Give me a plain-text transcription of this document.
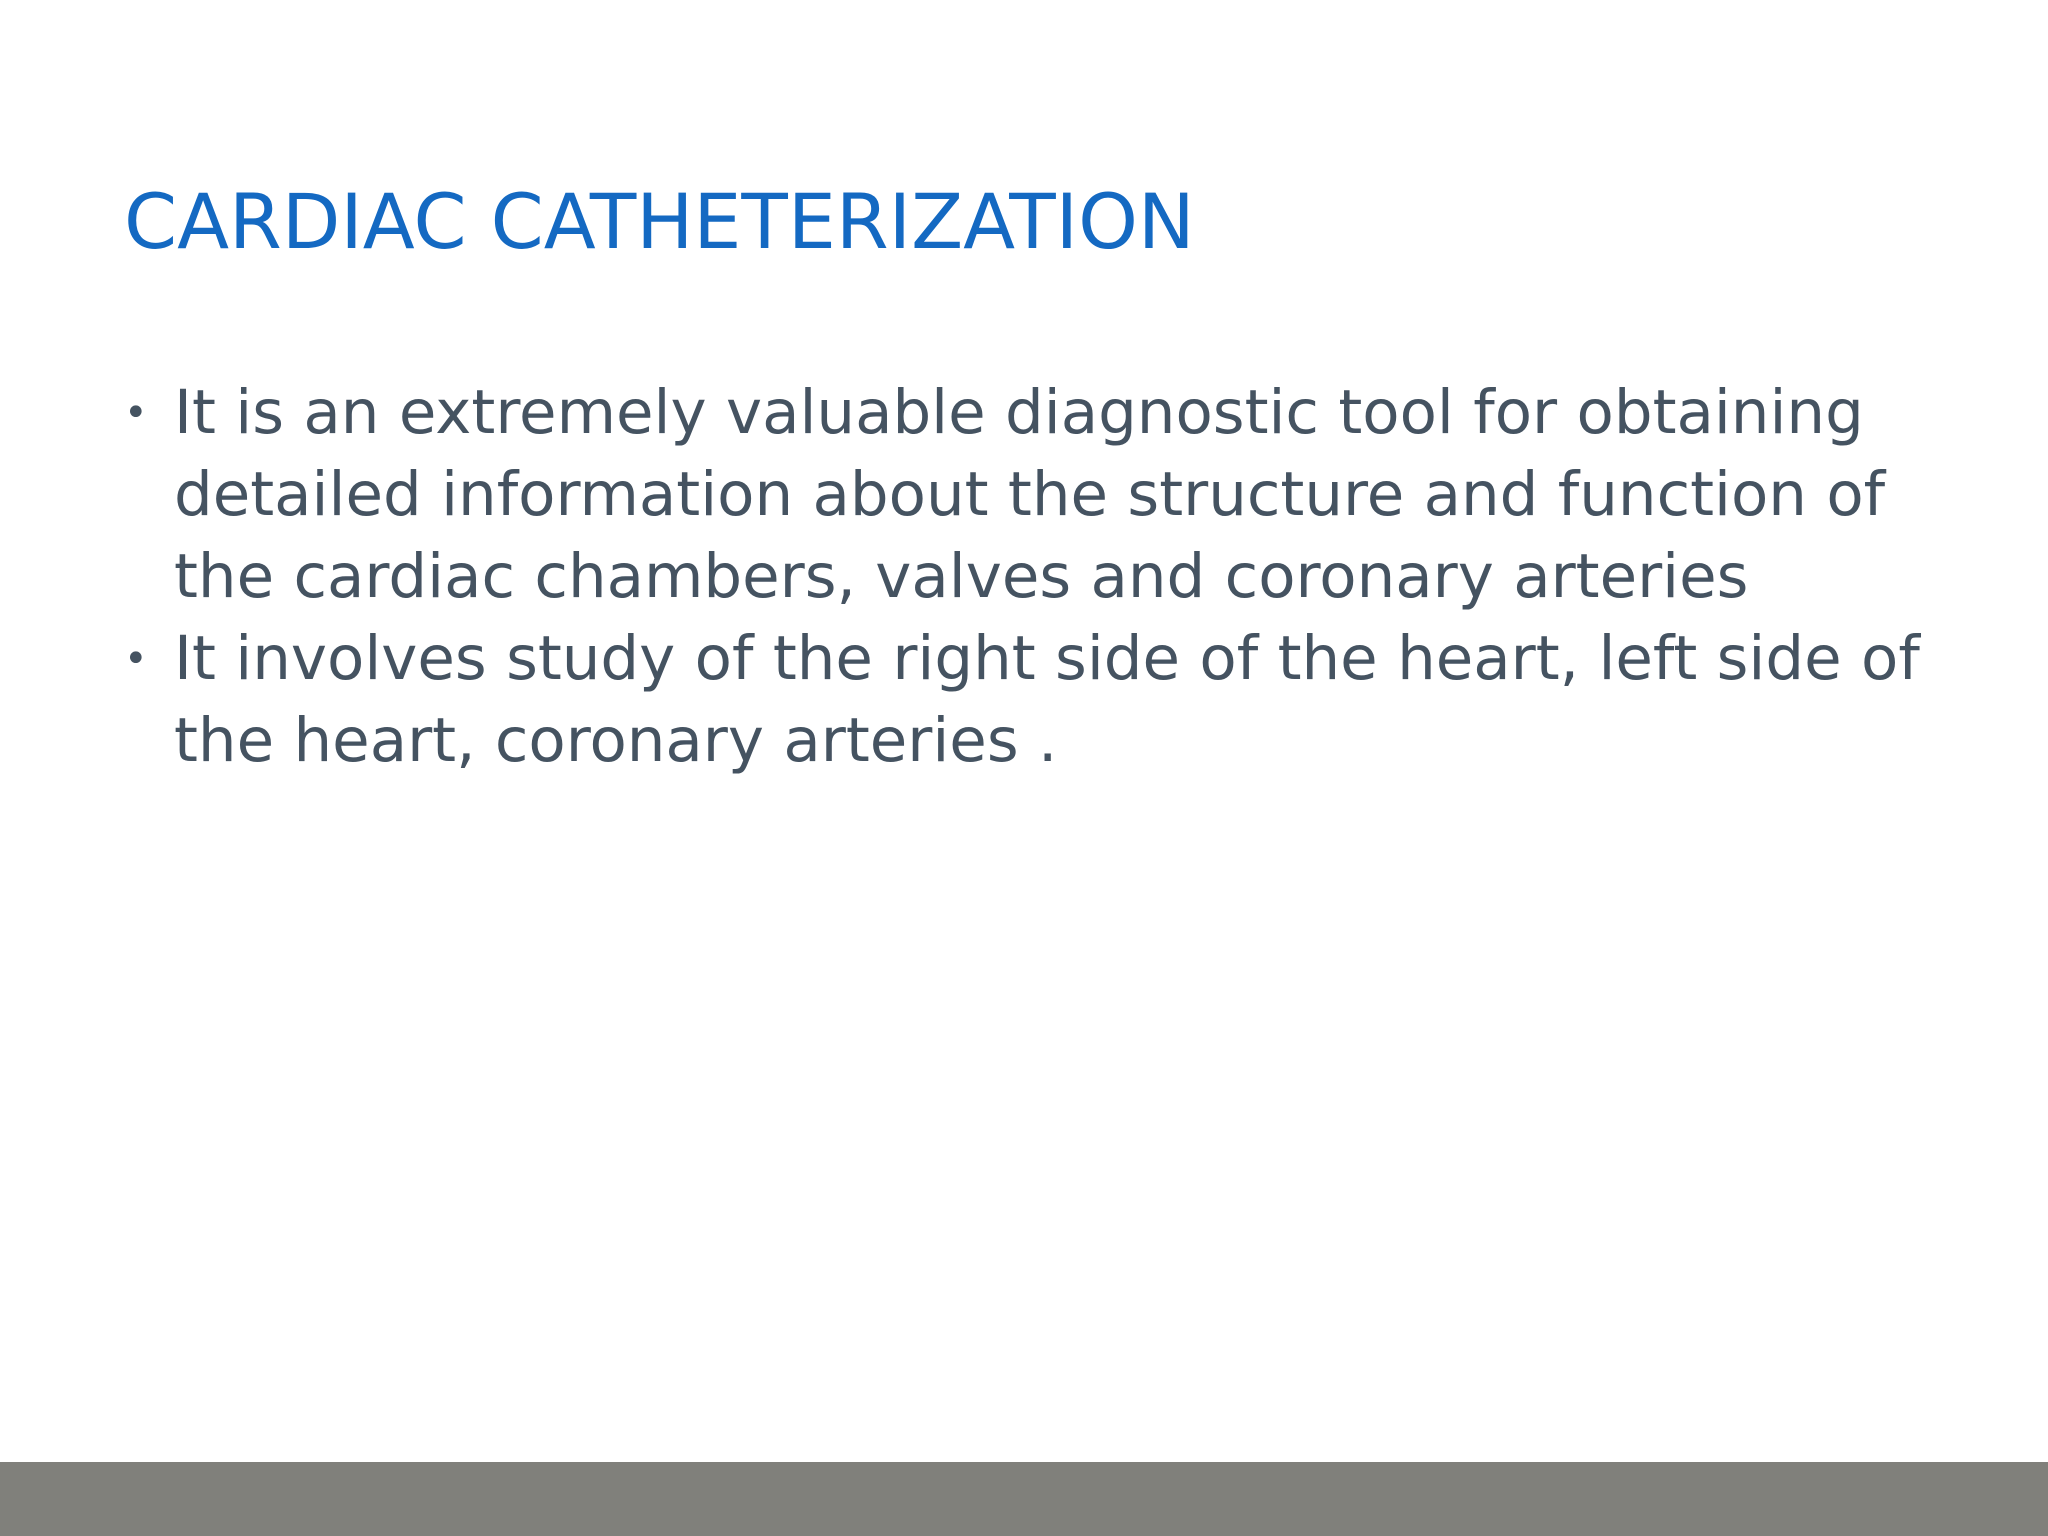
CARDIAC CATHETERIZATION
• It is an extremely valuable diagnostic tool for obtaining detailed information about the structure and function of the cardiac chambers, valves and coronary arteries
• It involves study of the right side of the heart, left side of the heart, coronary arteries .
